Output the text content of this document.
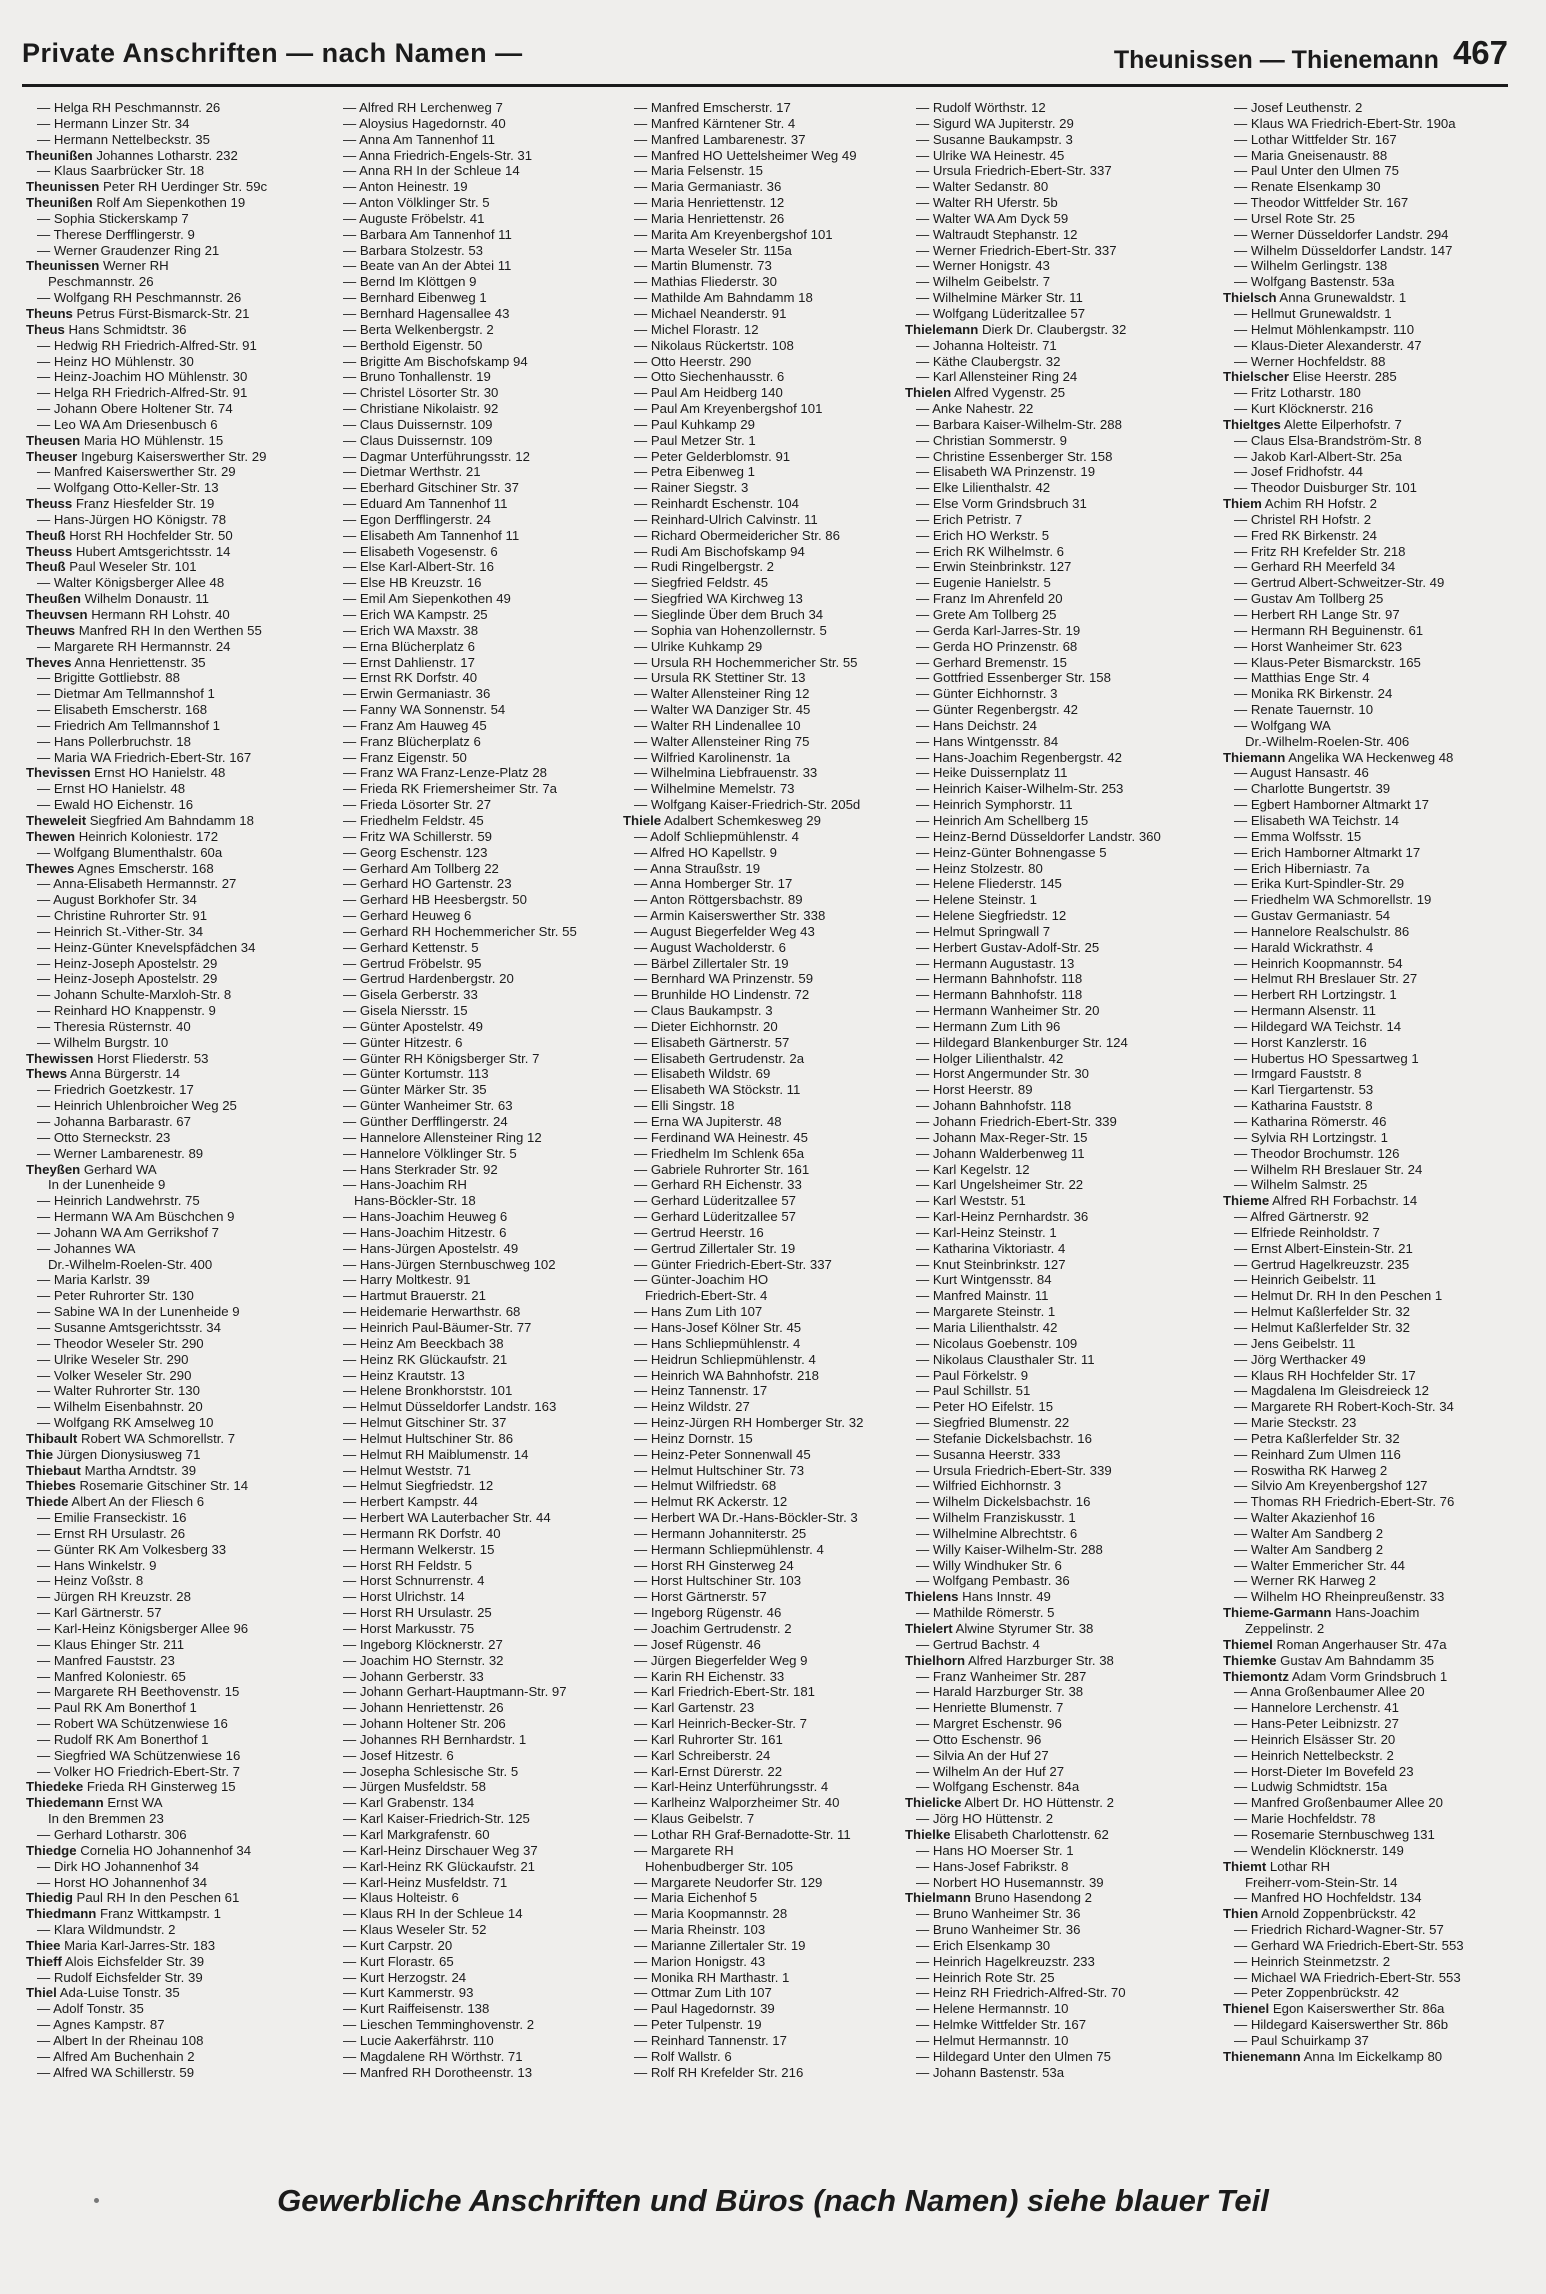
Private Anschriften — nach Namen —	Theunissen — Thienemann 467
— Helga RH Peschmannstr. 26
— Hermann Linzer Str. 34
— Hermann Nettelbeckstr. 35
Theunißen Johannes Lotharstr. 232
— Klaus Saarbrücker Str. 18
Theunissen Peter RH Uerdinger Str. 59c
Theunißen Rolf Am Siepenkothen 19
— Sophia Stickerskamp 7
— Therese Derfflingerstr. 9
— Werner Graudenzer Ring 21
Theunissen Werner RH
Peschmannstr. 26
— Wolfgang RH Peschmannstr. 26
Theuns Petrus Fürst-Bismarck-Str. 21
Theus Hans Schmidtstr. 36
— Hedwig RH Friedrich-Alfred-Str. 91
— Heinz HO Mühlenstr. 30
— Heinz-Joachim HO Mühlenstr. 30
— Helga RH Friedrich-Alfred-Str. 91
— Johann Obere Holtener Str. 74
— Leo WA Am Driesenbusch 6
Theusen Maria HO Mühlenstr. 15
Theuser Ingeburg Kaiserswerther Str. 29
— Manfred Kaiserswerther Str. 29
— Wolfgang Otto-Keller-Str. 13
Theuss Franz Hiesfelder Str. 19
— Hans-Jürgen HO Königstr. 78
Theuß Horst RH Hochfelder Str. 50
Theuss Hubert Amtsgerichtsstr. 14
Theuß Paul Weseler Str. 101
— Walter Königsberger Allee 48
Theußen Wilhelm Donaustr. 11
Theuvsen Hermann RH Lohstr. 40
Theuws Manfred RH In den Werthen 55
— Margarete RH Hermannstr. 24
Theves Anna Henriettenstr. 35
— Brigitte Gottliebstr. 88
— Dietmar Am Tellmannshof 1
— Elisabeth Emscherstr. 168
— Friedrich Am Tellmannshof 1
— Hans Pollerbruchstr. 18
— Maria WA Friedrich-Ebert-Str. 167
Thevissen Ernst HO Hanielstr. 48
— Ernst HO Hanielstr. 48
— Ewald HO Eichenstr. 16
Theweleit Siegfried Am Bahndamm 18
Thewen Heinrich Koloniestr. 172
— Wolfgang Blumenthalstr. 60a
Thewes Agnes Emscherstr. 168
— Anna-Elisabeth Hermannstr. 27
— August Borkhofer Str. 34
— Christine Ruhrorter Str. 91
— Heinrich St.-Vither-Str. 34
— Heinz-Günter Knevelspfädchen 34
— Heinz-Joseph Apostelstr. 29
— Heinz-Joseph Apostelstr. 29
— Johann Schulte-Marxloh-Str. 8
— Reinhard HO Knappenstr. 9
— Theresia Rüsternstr. 40
— Wilhelm Burgstr. 10
Thewissen Horst Fliederstr. 53
Thews Anna Bürgerstr. 14
— Friedrich Goetzkestr. 17
— Heinrich Uhlenbroicher Weg 25
— Johanna Barbarastr. 67
— Otto Sterneckstr. 23
— Werner Lambarenestr. 89
Theyßen Gerhard WA
In der Lunenheide 9
— Heinrich Landwehrstr. 75
— Hermann WA Am Büschchen 9
— Johann WA Am Gerrikshof 7
— Johannes WA
Dr.-Wilhelm-Roelen-Str. 400
— Maria Karlstr. 39
— Peter Ruhrorter Str. 130
— Sabine WA In der Lunenheide 9
— Susanne Amtsgerichtsstr. 34
— Theodor Weseler Str. 290
— Ulrike Weseler Str. 290
— Volker Weseler Str. 290
— Walter Ruhrorter Str. 130
— Wilhelm Eisenbahnstr. 20
— Wolfgang RK Amselweg 10
Thibault Robert WA Schmorellstr. 7
Thie Jürgen Dionysiusweg 71
Thiebaut Martha Arndtstr. 39
Thiebes Rosemarie Gitschiner Str. 14
Thiede Albert An der Fliesch 6
— Emilie Franseckistr. 16
— Ernst RH Ursulastr. 26
— Günter RK Am Volkesberg 33
— Hans Winkelstr. 9
— Heinz Voßstr. 8
— Jürgen RH Kreuzstr. 28
— Karl Gärtnerstr. 57
— Karl-Heinz Königsberger Allee 96
— Klaus Ehinger Str. 211
— Manfred Fauststr. 23
— Manfred Koloniestr. 65
— Margarete RH Beethovenstr. 15
— Paul RK Am Bonerthof 1
— Robert WA Schützenwiese 16
— Rudolf RK Am Bonerthof 1
— Siegfried WA Schützenwiese 16
— Volker HO Friedrich-Ebert-Str. 7
Thiedeke Frieda RH Ginsterweg 15
Thiedemann Ernst WA
In den Bremmen 23
— Gerhard Lotharstr. 306
Thiedge Cornelia HO Johannenhof 34
— Dirk HO Johannenhof 34
— Horst HO Johannenhof 34
Thiedig Paul RH In den Peschen 61
Thiedmann Franz Wittkampstr. 1
— Klara Wildmundstr. 2
Thiee Maria Karl-Jarres-Str. 183
Thieff Alois Eichsfelder Str. 39
— Rudolf Eichsfelder Str. 39
Thiel Ada-Luise Tonstr. 35
— Adolf Tonstr. 35
— Agnes Kampstr. 87
— Albert In der Rheinau 108
— Alfred Am Buchenhain 2
— Alfred WA Schillerstr. 59
— Alfred RH Lerchenweg 7
— Aloysius Hagedornstr. 40
— Anna Am Tannenhof 11
— Anna Friedrich-Engels-Str. 31
— Anna RH In der Schleue 14
— Anton Heinestr. 19
— Anton Völklinger Str. 5
— Auguste Fröbelstr. 41
— Barbara Am Tannenhof 11
— Barbara Stolzestr. 53
— Beate van An der Abtei 11
— Bernd Im Klöttgen 9
— Bernhard Eibenweg 1
— Bernhard Hagensallee 43
— Berta Welkenbergstr. 2
— Berthold Eigenstr. 50
— Brigitte Am Bischofskamp 94
— Bruno Tonhallenstr. 19
— Christel Lösorter Str. 30
— Christiane Nikolaistr. 92
— Claus Duissernstr. 109
— Claus Duissernstr. 109
— Dagmar Unterführungsstr. 12
— Dietmar Werthstr. 21
— Eberhard Gitschiner Str. 37
— Eduard Am Tannenhof 11
— Egon Derfflingerstr. 24
— Elisabeth Am Tannenhof 11
— Elisabeth Vogesenstr. 6
— Else Karl-Albert-Str. 16
— Else HB Kreuzstr. 16
— Emil Am Siepenkothen 49
— Erich WA Kampstr. 25
— Erich WA Maxstr. 38
— Erna Blücherplatz 6
— Ernst Dahlienstr. 17
— Ernst RK Dorfstr. 40
— Erwin Germaniastr. 36
— Fanny WA Sonnenstr. 54
— Franz Am Hauweg 45
— Franz Blücherplatz 6
— Franz Eigenstr. 50
— Franz WA Franz-Lenze-Platz 28
— Frieda RK Friemersheimer Str. 7a
— Frieda Lösorter Str. 27
— Friedhelm Feldstr. 45
— Fritz WA Schillerstr. 59
— Georg Eschenstr. 123
— Gerhard Am Tollberg 22
— Gerhard HO Gartenstr. 23
— Gerhard HB Heesbergstr. 50
— Gerhard Heuweg 6
— Gerhard RH Hochemmericher Str. 55
— Gerhard Kettenstr. 5
— Gertrud Fröbelstr. 95
— Gertrud Hardenbergstr. 20
— Gisela Gerberstr. 33
— Gisela Niersstr. 15
— Günter Apostelstr. 49
— Günter Hitzestr. 6
— Günter RH Königsberger Str. 7
— Günter Kortumstr. 113
— Günter Märker Str. 35
— Günter Wanheimer Str. 63
— Günther Derfflingerstr. 24
— Hannelore Allensteiner Ring 12
— Hannelore Völklinger Str. 5
— Hans Sterkrader Str. 92
— Hans-Joachim RH
Hans-Böckler-Str. 18
— Hans-Joachim Heuweg 6
— Hans-Joachim Hitzestr. 6
— Hans-Jürgen Apostelstr. 49
— Hans-Jürgen Sternbuschweg 102
— Harry Moltkestr. 91
— Hartmut Brauerstr. 21
— Heidemarie Herwarthstr. 68
— Heinrich Paul-Bäumer-Str. 77
— Heinz Am Beeckbach 38
— Heinz RK Glückaufstr. 21
— Heinz Krautstr. 13
— Helene Bronkhorststr. 101
— Helmut Düsseldorfer Landstr. 163
— Helmut Gitschiner Str. 37
— Helmut Hultschiner Str. 86
— Helmut RH Maiblumenstr. 14
— Helmut Weststr. 71
— Helmut Siegfriedstr. 12
— Herbert Kampstr. 44
— Herbert WA Lauterbacher Str. 44
— Hermann RK Dorfstr. 40
— Hermann Welkerstr. 15
— Horst RH Feldstr. 5
— Horst Schnurrenstr. 4
— Horst Ulrichstr. 14
— Horst RH Ursulastr. 25
— Horst Markusstr. 75
— Ingeborg Klöcknerstr. 27
— Joachim HO Sternstr. 32
— Johann Gerberstr. 33
— Johann Gerhart-Hauptmann-Str. 97
— Johann Henriettenstr. 26
— Johann Holtener Str. 206
— Johannes RH Bernhardstr. 1
— Josef Hitzestr. 6
— Josepha Schlesische Str. 5
— Jürgen Musfeldstr. 58
— Karl Grabenstr. 134
— Karl Kaiser-Friedrich-Str. 125
— Karl Markgrafenstr. 60
— Karl-Heinz Dirschauer Weg 37
— Karl-Heinz RK Glückaufstr. 21
— Karl-Heinz Musfeldstr. 71
— Klaus Holteistr. 6
— Klaus RH In der Schleue 14
— Klaus Weseler Str. 52
— Kurt Carpstr. 20
— Kurt Florastr. 65
— Kurt Herzogstr. 24
— Kurt Kammerstr. 93
— Kurt Raiffeisenstr. 138
— Lieschen Temminghovenstr. 2
— Lucie Aakerfährstr. 110
— Magdalene RH Wörthstr. 71
— Manfred RH Dorotheenstr. 13
— Manfred Emscherstr. 17
— Manfred Kärntener Str. 4
— Manfred Lambarenestr. 37
— Manfred HO Uettelsheimer Weg 49
— Maria Felsenstr. 15
— Maria Germaniastr. 36
— Maria Henriettenstr. 12
— Maria Henriettenstr. 26
— Marita Am Kreyenbergshof 101
— Marta Weseler Str. 115a
— Martin Blumenstr. 73
— Mathias Fliederstr. 30
— Mathilde Am Bahndamm 18
— Michael Neanderstr. 91
— Michel Florastr. 12
— Nikolaus Rückertstr. 108
— Otto Heerstr. 290
— Otto Siechenhausstr. 6
— Paul Am Heidberg 140
— Paul Am Kreyenbergshof 101
— Paul Kuhkamp 29
— Paul Metzer Str. 1
— Peter Gelderblomstr. 91
— Petra Eibenweg 1
— Rainer Siegstr. 3
— Reinhardt Eschenstr. 104
— Reinhard-Ulrich Calvinstr. 11
— Richard Obermeidericher Str. 86
— Rudi Am Bischofskamp 94
— Rudi Ringelbergstr. 2
— Siegfried Feldstr. 45
— Siegfried WA Kirchweg 13
— Sieglinde Über dem Bruch 34
— Sophia van Hohenzollernstr. 5
— Ulrike Kuhkamp 29
— Ursula RH Hochemmericher Str. 55
— Ursula RK Stettiner Str. 13
— Walter Allensteiner Ring 12
— Walter WA Danziger Str. 45
— Walter RH Lindenallee 10
— Walter Allensteiner Ring 75
— Wilfried Karolinenstr. 1a
— Wilhelmina Liebfrauenstr. 33
— Wilhelmine Memelstr. 73
— Wolfgang Kaiser-Friedrich-Str. 205d
Thiele Adalbert Schemkesweg 29
— Adolf Schliepmühlenstr. 4
— Alfred HO Kapellstr. 9
— Anna Straußstr. 19
— Anna Homberger Str. 17
— Anton Röttgersbachstr. 89
— Armin Kaiserswerther Str. 338
— August Biegerfelder Weg 43
— August Wacholderstr. 6
— Bärbel Zillertaler Str. 19
— Bernhard WA Prinzenstr. 59
— Brunhilde HO Lindenstr. 72
— Claus Baukampstr. 3
— Dieter Eichhornstr. 20
— Elisabeth Gärtnerstr. 57
— Elisabeth Gertrudenstr. 2a
— Elisabeth Wildstr. 69
— Elisabeth WA Stöckstr. 11
— Elli Singstr. 18
— Erna WA Jupiterstr. 48
— Ferdinand WA Heinestr. 45
— Friedhelm Im Schlenk 65a
— Gabriele Ruhrorter Str. 161
— Gerhard RH Eichenstr. 33
— Gerhard Lüderitzallee 57
— Gerhard Lüderitzallee 57
— Gertrud Heerstr. 16
— Gertrud Zillertaler Str. 19
— Günter Friedrich-Ebert-Str. 337
— Günter-Joachim HO
Friedrich-Ebert-Str. 4
— Hans Zum Lith 107
— Hans-Josef Kölner Str. 45
— Hans Schliepmühlenstr. 4
— Heidrun Schliepmühlenstr. 4
— Heinrich WA Bahnhofstr. 218
— Heinz Tannenstr. 17
— Heinz Wildstr. 27
— Heinz-Jürgen RH Homberger Str. 32
— Heinz Dornstr. 15
— Heinz-Peter Sonnenwall 45
— Helmut Hultschiner Str. 73
— Helmut Wilfriedstr. 68
— Helmut RK Ackerstr. 12
— Herbert WA Dr.-Hans-Böckler-Str. 3
— Hermann Johanniterstr. 25
— Hermann Schliepmühlenstr. 4
— Horst RH Ginsterweg 24
— Horst Hultschiner Str. 103
— Horst Gärtnerstr. 57
— Ingeborg Rügenstr. 46
— Joachim Gertrudenstr. 2
— Josef Rügenstr. 46
— Jürgen Biegerfelder Weg 9
— Karin RH Eichenstr. 33
— Karl Friedrich-Ebert-Str. 181
— Karl Gartenstr. 23
— Karl Heinrich-Becker-Str. 7
— Karl Ruhrorter Str. 161
— Karl Schreiberstr. 24
— Karl-Ernst Dürerstr. 22
— Karl-Heinz Unterführungsstr. 4
— Karlheinz Walporzheimer Str. 40
— Klaus Geibelstr. 7
— Lothar RH Graf-Bernadotte-Str. 11
— Margarete RH
Hohenbudberger Str. 105
— Margarete Neudorfer Str. 129
— Maria Eichenhof 5
— Maria Koopmannstr. 28
— Maria Rheinstr. 103
— Marianne Zillertaler Str. 19
— Marion Honigstr. 43
— Monika RH Marthastr. 1
— Ottmar Zum Lith 107
— Paul Hagedornstr. 39
— Peter Tulpenstr. 19
— Reinhard Tannenstr. 17
— Rolf Wallstr. 6
— Rolf RH Krefelder Str. 216
— Rudolf Wörthstr. 12
— Sigurd WA Jupiterstr. 29
— Susanne Baukampstr. 3
— Ulrike WA Heinestr. 45
— Ursula Friedrich-Ebert-Str. 337
— Walter Sedanstr. 80
— Walter RH Uferstr. 5b
— Walter WA Am Dyck 59
— Waltraudt Stephanstr. 12
— Werner Friedrich-Ebert-Str. 337
— Werner Honigstr. 43
— Wilhelm Geibelstr. 7
— Wilhelmine Märker Str. 11
— Wolfgang Lüderitzallee 57
Thielemann Dierk Dr. Claubergstr. 32
— Johanna Holteistr. 71
— Käthe Claubergstr. 32
— Karl Allensteiner Ring 24
Thielen Alfred Vygenstr. 25
— Anke Nahestr. 22
— Barbara Kaiser-Wilhelm-Str. 288
— Christian Sommerstr. 9
— Christine Essenberger Str. 158
— Elisabeth WA Prinzenstr. 19
— Elke Lilienthalstr. 42
— Else Vorm Grindsbruch 31
— Erich Petristr. 7
— Erich HO Werkstr. 5
— Erich RK Wilhelmstr. 6
— Erwin Steinbrinkstr. 127
— Eugenie Hanielstr. 5
— Franz Im Ahrenfeld 20
— Grete Am Tollberg 25
— Gerda Karl-Jarres-Str. 19
— Gerda HO Prinzenstr. 68
— Gerhard Bremenstr. 15
— Gottfried Essenberger Str. 158
— Günter Eichhornstr. 3
— Günter Regenbergstr. 42
— Hans Deichstr. 24
— Hans Wintgensstr. 84
— Hans-Joachim Regenbergstr. 42
— Heike Duissernplatz 11
— Heinrich Kaiser-Wilhelm-Str. 253
— Heinrich Symphorstr. 11
— Heinrich Am Schellberg 15
— Heinz-Bernd Düsseldorfer Landstr. 360
— Heinz-Günter Bohnengasse 5
— Heinz Stolzestr. 80
— Helene Fliederstr. 145
— Helene Steinstr. 1
— Helene Siegfriedstr. 12
— Helmut Springwall 7
— Herbert Gustav-Adolf-Str. 25
— Hermann Augustastr. 13
— Hermann Bahnhofstr. 118
— Hermann Bahnhofstr. 118
— Hermann Wanheimer Str. 20
— Hermann Zum Lith 96
— Hildegard Blankenburger Str. 124
— Holger Lilienthalstr. 42
— Horst Angermunder Str. 30
— Horst Heerstr. 89
— Johann Bahnhofstr. 118
— Johann Friedrich-Ebert-Str. 339
— Johann Max-Reger-Str. 15
— Johann Walderbenweg 11
— Karl Kegelstr. 12
— Karl Ungelsheimer Str. 22
— Karl Weststr. 51
— Karl-Heinz Pernhardstr. 36
— Karl-Heinz Steinstr. 1
— Katharina Viktoriastr. 4
— Knut Steinbrinkstr. 127
— Kurt Wintgensstr. 84
— Manfred Mainstr. 11
— Margarete Steinstr. 1
— Maria Lilienthalstr. 42
— Nicolaus Goebenstr. 109
— Nikolaus Clausthaler Str. 11
— Paul Förkelstr. 9
— Paul Schillstr. 51
— Peter HO Eifelstr. 15
— Siegfried Blumenstr. 22
— Stefanie Dickelsbachstr. 16
— Susanna Heerstr. 333
— Ursula Friedrich-Ebert-Str. 339
— Wilfried Eichhornstr. 3
— Wilhelm Dickelsbachstr. 16
— Wilhelm Franziskusstr. 1
— Wilhelmine Albrechtstr. 6
— Willy Kaiser-Wilhelm-Str. 288
— Willy Windhuker Str. 6
— Wolfgang Pembastr. 36
Thielens Hans Innstr. 49
— Mathilde Römerstr. 5
Thielert Alwine Styrumer Str. 38
— Gertrud Bachstr. 4
Thielhorn Alfred Harzburger Str. 38
— Franz Wanheimer Str. 287
— Harald Harzburger Str. 38
— Henriette Blumenstr. 7
— Margret Eschenstr. 96
— Otto Eschenstr. 96
— Silvia An der Huf 27
— Wilhelm An der Huf 27
— Wolfgang Eschenstr. 84a
Thielicke Albert Dr. HO Hüttenstr. 2
— Jörg HO Hüttenstr. 2
Thielke Elisabeth Charlottenstr. 62
— Hans HO Moerser Str. 1
— Hans-Josef Fabrikstr. 8
— Norbert HO Husemannstr. 39
Thielmann Bruno Hasendong 2
— Bruno Wanheimer Str. 36
— Bruno Wanheimer Str. 36
— Erich Elsenkamp 30
— Heinrich Hagelkreuzstr. 233
— Heinrich Rote Str. 25
— Heinz RH Friedrich-Alfred-Str. 70
— Helene Hermannstr. 10
— Helmke Wittfelder Str. 167
— Helmut Hermannstr. 10
— Hildegard Unter den Ulmen 75
— Johann Bastenstr. 53a
— Josef Leuthenstr. 2
— Klaus WA Friedrich-Ebert-Str. 190a
— Lothar Wittfelder Str. 167
— Maria Gneisenaustr. 88
— Paul Unter den Ulmen 75
— Renate Elsenkamp 30
— Theodor Wittfelder Str. 167
— Ursel Rote Str. 25
— Werner Düsseldorfer Landstr. 294
— Wilhelm Düsseldorfer Landstr. 147
— Wilhelm Gerlingstr. 138
— Wolfgang Bastenstr. 53a
Thielsch Anna Grunewaldstr. 1
— Hellmut Grunewaldstr. 1
— Helmut Möhlenkampstr. 110
— Klaus-Dieter Alexanderstr. 47
— Werner Hochfeldstr. 88
Thielscher Elise Heerstr. 285
— Fritz Lotharstr. 180
— Kurt Klöcknerstr. 216
Thieltges Alette Eilperhofstr. 7
— Claus Elsa-Brandström-Str. 8
— Jakob Karl-Albert-Str. 25a
— Josef Fridhofstr. 44
— Theodor Duisburger Str. 101
Thiem Achim RH Hofstr. 2
— Christel RH Hofstr. 2
— Fred RK Birkenstr. 24
— Fritz RH Krefelder Str. 218
— Gerhard RH Meerfeld 34
— Gertrud Albert-Schweitzer-Str. 49
— Gustav Am Tollberg 25
— Herbert RH Lange Str. 97
— Hermann RH Beguinenstr. 61
— Horst Wanheimer Str. 623
— Klaus-Peter Bismarckstr. 165
— Matthias Enge Str. 4
— Monika RK Birkenstr. 24
— Renate Tauernstr. 10
— Wolfgang WA
Dr.-Wilhelm-Roelen-Str. 406
Thiemann Angelika WA Heckenweg 48
— August Hansastr. 46
— Charlotte Bungertstr. 39
— Egbert Hamborner Altmarkt 17
— Elisabeth WA Teichstr. 14
— Emma Wolfsstr. 15
— Erich Hamborner Altmarkt 17
— Erich Hiberniastr. 7a
— Erika Kurt-Spindler-Str. 29
— Friedhelm WA Schmorellstr. 19
— Gustav Germaniastr. 54
— Hannelore Realschulstr. 86
— Harald Wickrathstr. 4
— Heinrich Koopmannstr. 54
— Helmut RH Breslauer Str. 27
— Herbert RH Lortzingstr. 1
— Hermann Alsenstr. 11
— Hildegard WA Teichstr. 14
— Horst Kanzlerstr. 16
— Hubertus HO Spessartweg 1
— Irmgard Fauststr. 8
— Karl Tiergartenstr. 53
— Katharina Fauststr. 8
— Katharina Römerstr. 46
— Sylvia RH Lortzingstr. 1
— Theodor Brochumstr. 126
— Wilhelm RH Breslauer Str. 24
— Wilhelm Salmstr. 25
Thieme Alfred RH Forbachstr. 14
— Alfred Gärtnerstr. 92
— Elfriede Reinholdstr. 7
— Ernst Albert-Einstein-Str. 21
— Gertrud Hagelkreuzstr. 235
— Heinrich Geibelstr. 11
— Helmut Dr. RH In den Peschen 1
— Helmut Kaßlerfelder Str. 32
— Helmut Kaßlerfelder Str. 32
— Jens Geibelstr. 11
— Jörg Werthacker 49
— Klaus RH Hochfelder Str. 17
— Magdalena Im Gleisdreieck 12
— Margarete RH Robert-Koch-Str. 34
— Marie Steckstr. 23
— Petra Kaßlerfelder Str. 32
— Reinhard Zum Ulmen 116
— Roswitha RK Harweg 2
— Silvio Am Kreyenbergshof 127
— Thomas RH Friedrich-Ebert-Str. 76
— Walter Akazienhof 16
— Walter Am Sandberg 2
— Walter Am Sandberg 2
— Walter Emmericher Str. 44
— Werner RK Harweg 2
— Wilhelm HO Rheinpreußenstr. 33
Thieme-Garmann Hans-Joachim
Zeppelinstr. 2
Thiemel Roman Angerhauser Str. 47a
Thiemke Gustav Am Bahndamm 35
Thiemontz Adam Vorm Grindsbruch 1
— Anna Großenbaumer Allee 20
— Hannelore Lerchenstr. 41
— Hans-Peter Leibnizstr. 27
— Heinrich Elsässer Str. 20
— Heinrich Nettelbeckstr. 2
— Horst-Dieter Im Bovefeld 23
— Ludwig Schmidtstr. 15a
— Manfred Großenbaumer Allee 20
— Marie Hochfeldstr. 78
— Rosemarie Sternbuschweg 131
— Wendelin Klöcknerstr. 149
Thiemt Lothar RH
Freiherr-vom-Stein-Str. 14
— Manfred HO Hochfeldstr. 134
Thien Arnold Zoppenbrückstr. 42
— Friedrich Richard-Wagner-Str. 57
— Gerhard WA Friedrich-Ebert-Str. 553
— Heinrich Steinmetzstr. 2
— Michael WA Friedrich-Ebert-Str. 553
— Peter Zoppenbrückstr. 42
Thienel Egon Kaiserswerther Str. 86a
— Hildegard Kaiserswerther Str. 86b
— Paul Schuirkamp 37
Thienemann Anna Im Eickelkamp 80
Gewerbliche Anschriften und Büros (nach Namen) siehe blauer Teil
